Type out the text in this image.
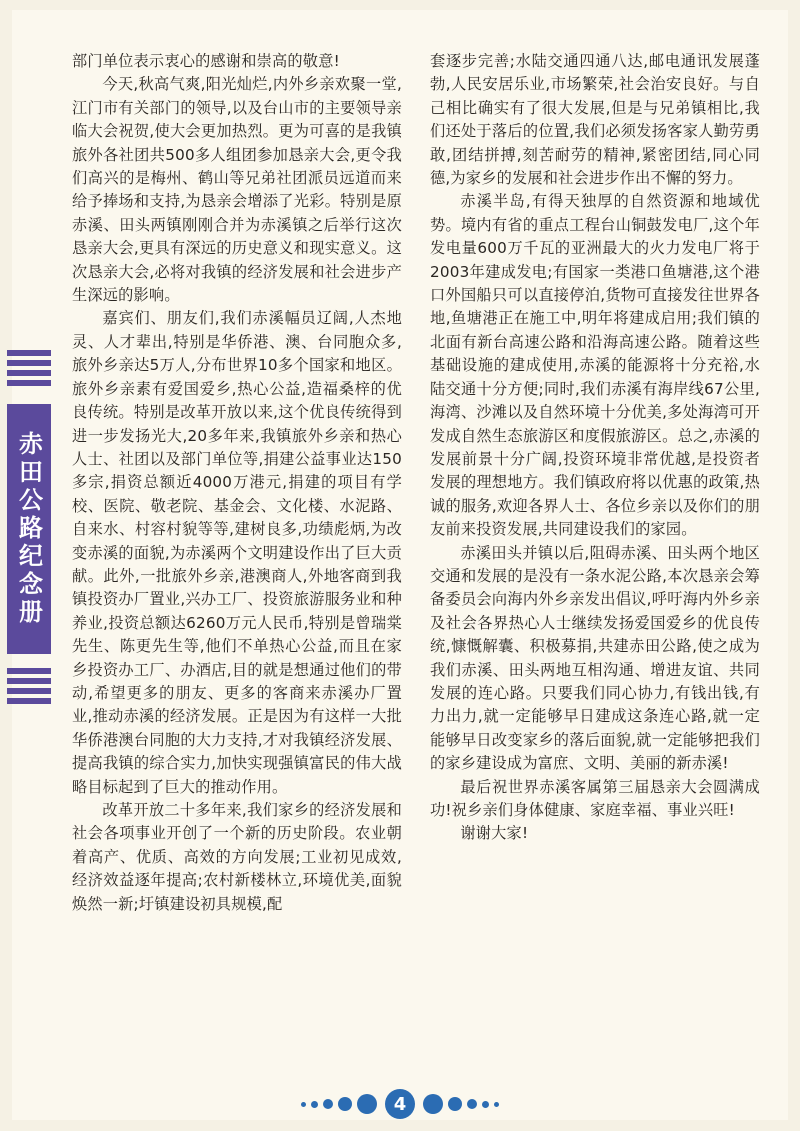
赤田公路纪念册

部门单位表示衷心的感谢和崇高的敬意!

今天,秋高气爽,阳光灿烂,内外乡亲欢聚一堂,江门市有关部门的领导,以及台山市的主要领导亲临大会祝贺,使大会更加热烈。更为可喜的是我镇旅外各社团共500多人组团参加恳亲大会,更令我们高兴的是梅州、鹤山等兄弟社团派员远道而来给予捧场和支持,为恳亲会增添了光彩。特别是原赤溪、田头两镇刚刚合并为赤溪镇之后举行这次恳亲大会,更具有深远的历史意义和现实意义。这次恳亲大会,必将对我镇的经济发展和社会进步产生深远的影响。

嘉宾们、朋友们,我们赤溪幅员辽阔,人杰地灵、人才辈出,特别是华侨港、澳、台同胞众多,旅外乡亲达5万人,分布世界10多个国家和地区。旅外乡亲素有爱国爱乡,热心公益,造福桑梓的优良传统。特别是改革开放以来,这个优良传统得到进一步发扬光大,20多年来,我镇旅外乡亲和热心人士、社团以及部门单位等,捐建公益事业达150多宗,捐资总额近4000万港元,捐建的项目有学校、医院、敬老院、基金会、文化楼、水泥路、自来水、村容村貌等等,建树良多,功绩彪炳,为改变赤溪的面貌,为赤溪两个文明建设作出了巨大贡献。此外,一批旅外乡亲,港澳商人,外地客商到我镇投资办厂置业,兴办工厂、投资旅游服务业和种养业,投资总额达6260万元人民币,特别是曾瑞棠先生、陈更先生等,他们不单热心公益,而且在家乡投资办工厂、办酒店,目的就是想通过他们的带动,希望更多的朋友、更多的客商来赤溪办厂置业,推动赤溪的经济发展。正是因为有这样一大批华侨港澳台同胞的大力支持,才对我镇经济发展、提高我镇的综合实力,加快实现强镇富民的伟大战略目标起到了巨大的推动作用。

改革开放二十多年来,我们家乡的经济发展和社会各项事业开创了一个新的历史阶段。农业朝着高产、优质、高效的方向发展;工业初见成效,经济效益逐年提高;农村新楼林立,环境优美,面貌焕然一新;圩镇建设初具规模,配

套逐步完善;水陆交通四通八达,邮电通讯发展蓬勃,人民安居乐业,市场繁荣,社会治安良好。与自己相比确实有了很大发展,但是与兄弟镇相比,我们还处于落后的位置,我们必须发扬客家人勤劳勇敢,团结拼搏,刻苦耐劳的精神,紧密团结,同心同德,为家乡的发展和社会进步作出不懈的努力。

赤溪半岛,有得天独厚的自然资源和地域优势。境内有省的重点工程台山铜鼓发电厂,这个年发电量600万千瓦的亚洲最大的火力发电厂将于2003年建成发电;有国家一类港口鱼塘港,这个港口外国船只可以直接停泊,货物可直接发往世界各地,鱼塘港正在施工中,明年将建成启用;我们镇的北面有新台高速公路和沿海高速公路。随着这些基础设施的建成使用,赤溪的能源将十分充裕,水陆交通十分方便;同时,我们赤溪有海岸线67公里,海湾、沙滩以及自然环境十分优美,多处海湾可开发成自然生态旅游区和度假旅游区。总之,赤溪的发展前景十分广阔,投资环境非常优越,是投资者发展的理想地方。我们镇政府将以优惠的政策,热诚的服务,欢迎各界人士、各位乡亲以及你们的朋友前来投资发展,共同建设我们的家园。

赤溪田头并镇以后,阻碍赤溪、田头两个地区交通和发展的是没有一条水泥公路,本次恳亲会筹备委员会向海内外乡亲发出倡议,呼吁海内外乡亲及社会各界热心人士继续发扬爱国爱乡的优良传统,慷慨解囊、积极募捐,共建赤田公路,使之成为我们赤溪、田头两地互相沟通、增进友谊、共同发展的连心路。只要我们同心协力,有钱出钱,有力出力,就一定能够早日建成这条连心路,就一定能够早日改变家乡的落后面貌,就一定能够把我们的家乡建设成为富庶、文明、美丽的新赤溪!

最后祝世界赤溪客属第三届恳亲大会圆满成功!祝乡亲们身体健康、家庭幸福、事业兴旺!

谢谢大家!

4
